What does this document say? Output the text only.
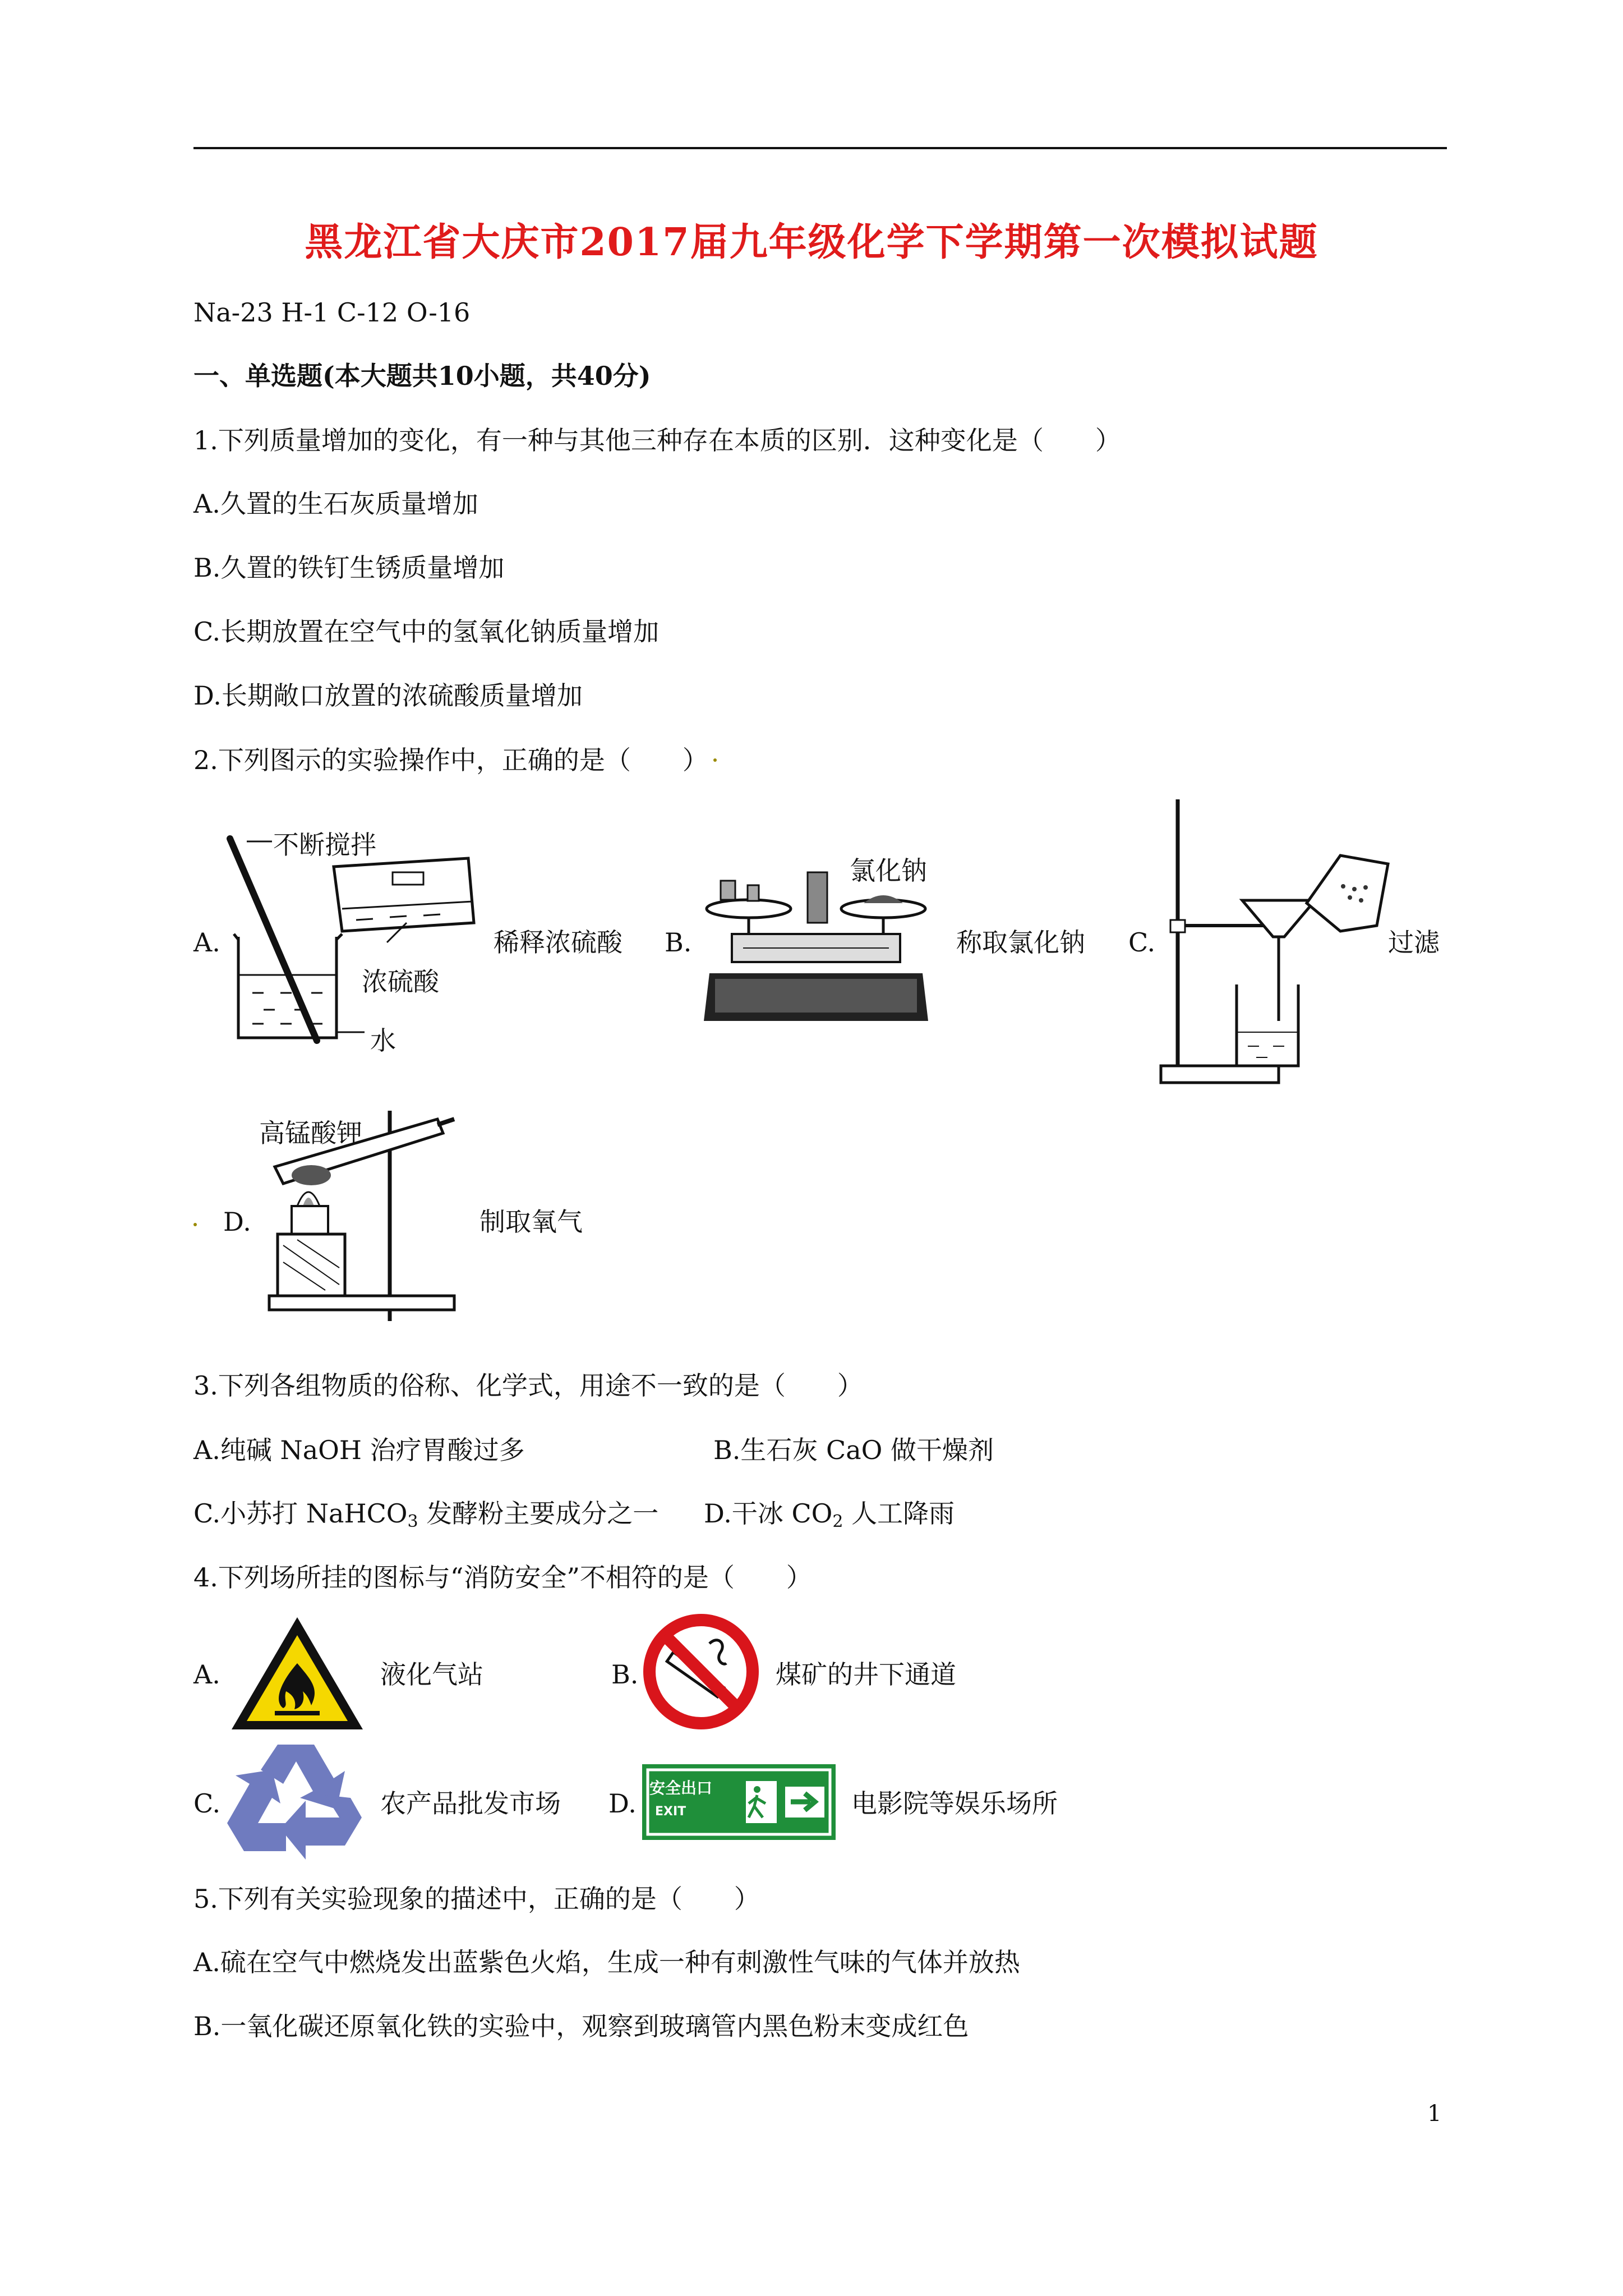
黑龙江省大庆市2017届九年级化学下学期第一次模拟试题
Na-23 H-1 C-12 O-16
一、单选题(本大题共10小题，共40分)
1.下列质量增加的变化，有一种与其他三种存在本质的区别．这种变化是（　　）
A.久置的生石灰质量增加
B.久置的铁钉生锈质量增加
C.长期放置在空气中的氢氧化钠质量增加
D.长期敞口放置的浓硫酸质量增加
2.下列图示的实验操作中，正确的是（　　）
A.
不断搅拌
浓硫酸
水
稀释浓硫酸 B.
氯化钠
称取氯化钠 C.	过滤
D.
高锰酸钾
制取氧气
3.下列各组物质的俗称、化学式，用途不一致的是（　　）
A.纯碱 NaOH 治疗胃酸过多	B.生石灰 CaO 做干燥剂
C.小苏打 NaHCO$_3$ 发酵粉主要成分之一 D.干冰 $CO_2$ 人工降雨
4.下列场所挂的图标与“消防安全”不相符的是（　　）
A.	液化气站	B.	煤矿的井下通道
C.	农产品批发市场 D.
安全出口
EXIT	电影院等娱乐场所
5.下列有关实验现象的描述中，正确的是（　　）
A.硫在空气中燃烧发出蓝紫色火焰，生成一种有刺激性气味的气体并放热
B.一氧化碳还原氧化铁的实验中，观察到玻璃管内黑色粉末变成红色
1
